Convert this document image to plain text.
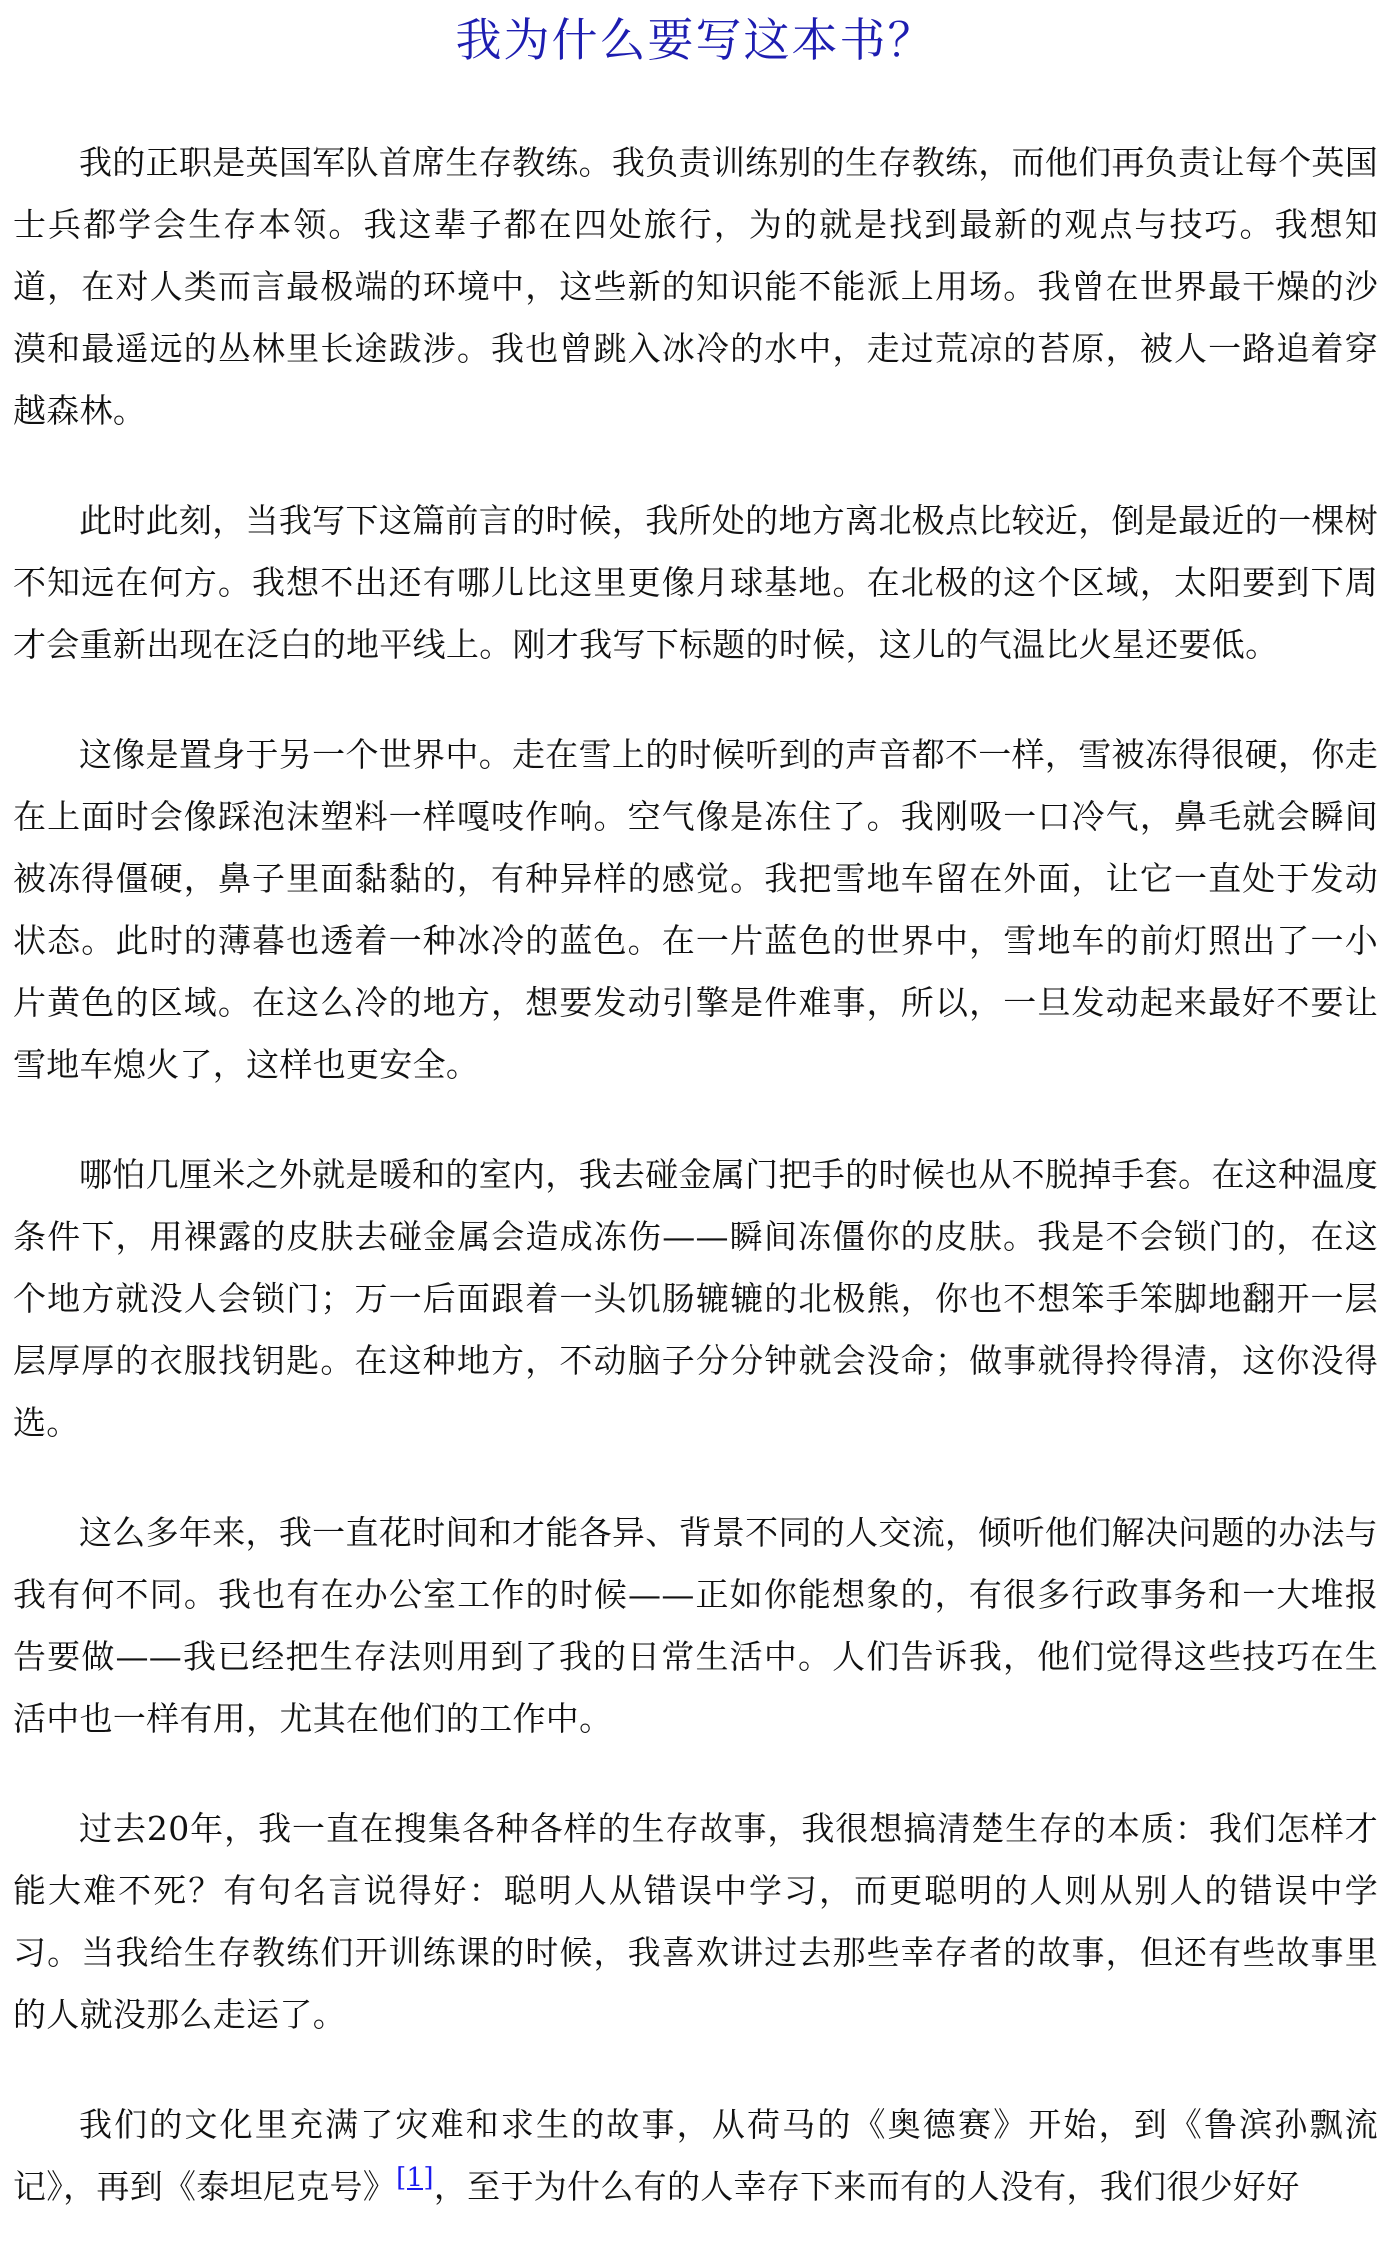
我为什么要写这本书？

我的正职是英国军队首席生存教练。我负责训练别的生存教练，而他们再负责让每个英国士兵都学会生存本领。我这辈子都在四处旅行，为的就是找到最新的观点与技巧。我想知道，在对人类而言最极端的环境中，这些新的知识能不能派上用场。我曾在世界最干燥的沙漠和最遥远的丛林里长途跋涉。我也曾跳入冰冷的水中，走过荒凉的苔原，被人一路追着穿越森林。

此时此刻，当我写下这篇前言的时候，我所处的地方离北极点比较近，倒是最近的一棵树不知远在何方。我想不出还有哪儿比这里更像月球基地。在北极的这个区域，太阳要到下周才会重新出现在泛白的地平线上。刚才我写下标题的时候，这儿的气温比火星还要低。

这像是置身于另一个世界中。走在雪上的时候听到的声音都不一样，雪被冻得很硬，你走在上面时会像踩泡沫塑料一样嘎吱作响。空气像是冻住了。我刚吸一口冷气，鼻毛就会瞬间被冻得僵硬，鼻子里面黏黏的，有种异样的感觉。我把雪地车留在外面，让它一直处于发动状态。此时的薄暮也透着一种冰冷的蓝色。在一片蓝色的世界中，雪地车的前灯照出了一小片黄色的区域。在这么冷的地方，想要发动引擎是件难事，所以，一旦发动起来最好不要让雪地车熄火了，这样也更安全。

哪怕几厘米之外就是暖和的室内，我去碰金属门把手的时候也从不脱掉手套。在这种温度条件下，用裸露的皮肤去碰金属会造成冻伤——瞬间冻僵你的皮肤。我是不会锁门的，在这个地方就没人会锁门；万一后面跟着一头饥肠辘辘的北极熊，你也不想笨手笨脚地翻开一层层厚厚的衣服找钥匙。在这种地方，不动脑子分分钟就会没命；做事就得拎得清，这你没得选。

这么多年来，我一直花时间和才能各异、背景不同的人交流，倾听他们解决问题的办法与我有何不同。我也有在办公室工作的时候——正如你能想象的，有很多行政事务和一大堆报告要做——我已经把生存法则用到了我的日常生活中。人们告诉我，他们觉得这些技巧在生活中也一样有用，尤其在他们的工作中。

过去20年，我一直在搜集各种各样的生存故事，我很想搞清楚生存的本质：我们怎样才能大难不死？有句名言说得好：聪明人从错误中学习，而更聪明的人则从别人的错误中学习。当我给生存教练们开训练课的时候，我喜欢讲过去那些幸存者的故事，但还有些故事里的人就没那么走运了。

我们的文化里充满了灾难和求生的故事，从荷马的《奥德赛》开始，到《鲁滨孙飘流记》，再到《泰坦尼克号》[1]，至于为什么有的人幸存下来而有的人没有，我们很少好好
